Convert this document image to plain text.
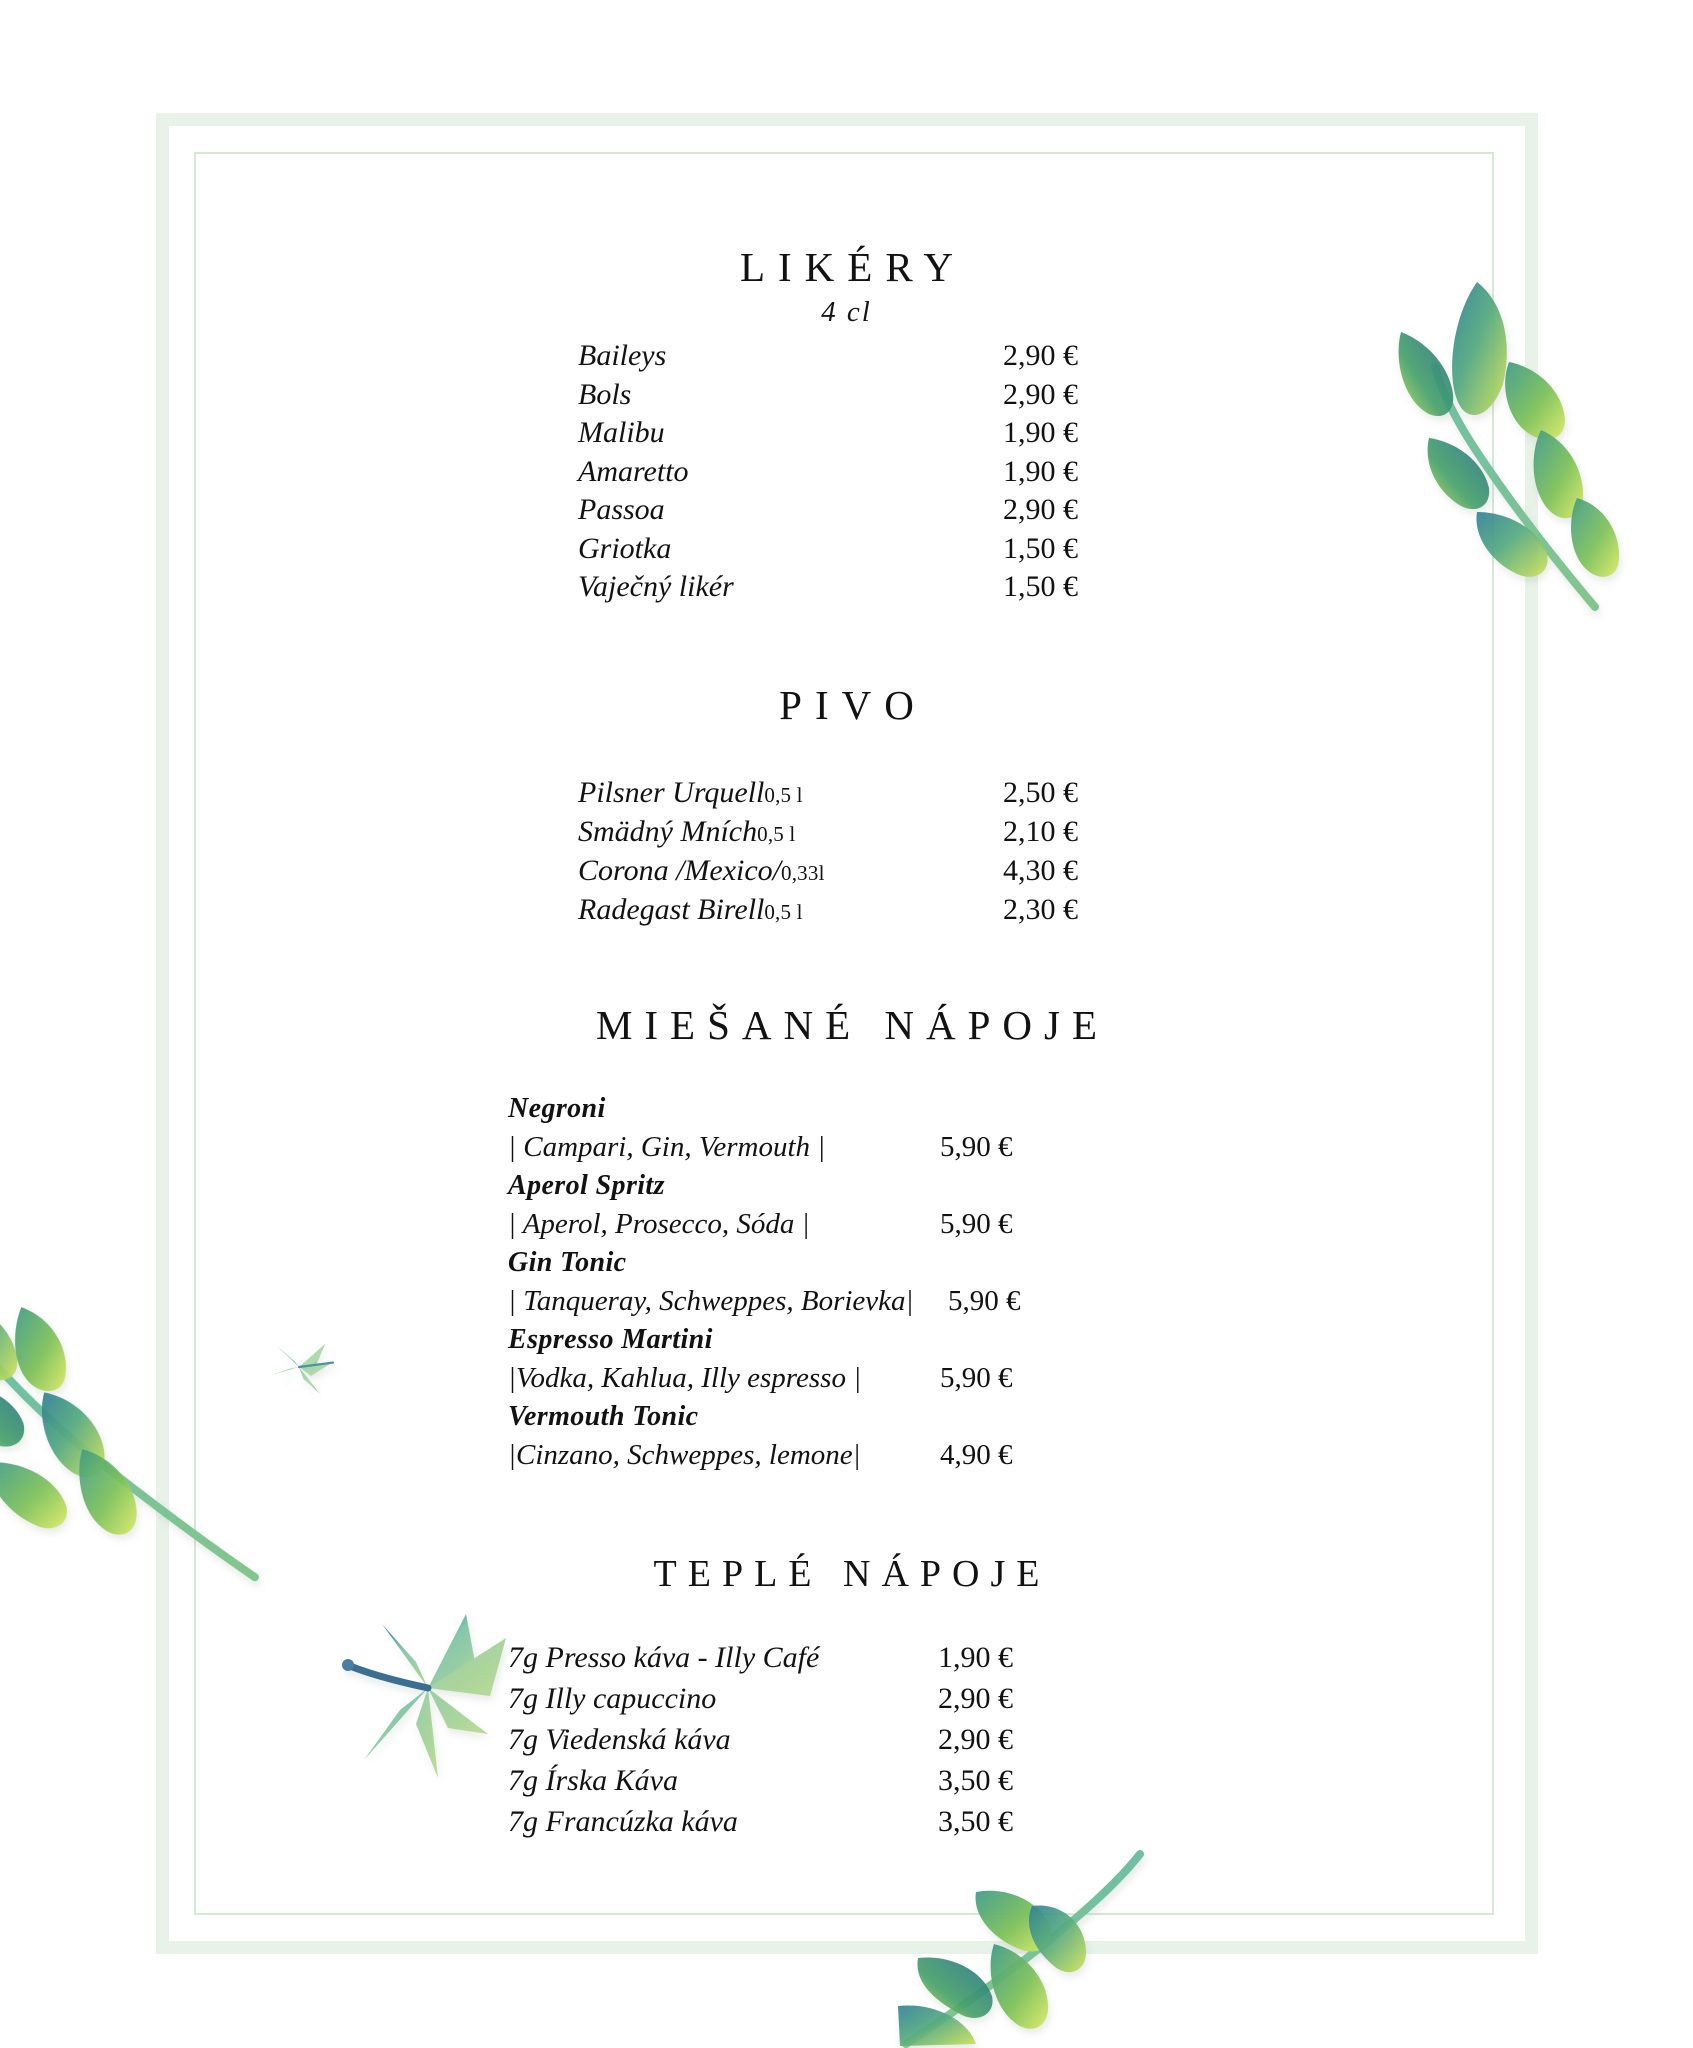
LIKÉRY
4 cl
Baileys	2,90 €
Bols	2,90 €
Malibu	1,90 €
Amaretto	1,90 €
Passoa	2,90 €
Griotka	1,50 €
Vaječný likér	1,50 €
PIVO
Pilsner Urquell 0,5 l	2,50 €
Smädný Mních 0,5 l	2,10 €
Corona /Mexico/ 0,33l	4,30 €
Radegast Birell 0,5 l	2,30 €
MIEŠANÉ NÁPOJE
Negroni
| Campari, Gin, Vermouth |	5,90 €
Aperol Spritz
| Aperol, Prosecco, Sóda |	5,90 €
Gin Tonic
| Tanqueray, Schweppes, Borievka|	5,90 €
Espresso Martini
|Vodka, Kahlua, Illy espresso |	5,90 €
Vermouth Tonic
|Cinzano, Schweppes, lemone|	4,90 €
TEPLÉ NÁPOJE
7g Presso káva - Illy Café	1,90 €
7g Illy capuccino	2,90 €
7g Viedenská káva	2,90 €
7g Írska Káva	3,50 €
7g Francúzka káva	3,50 €
